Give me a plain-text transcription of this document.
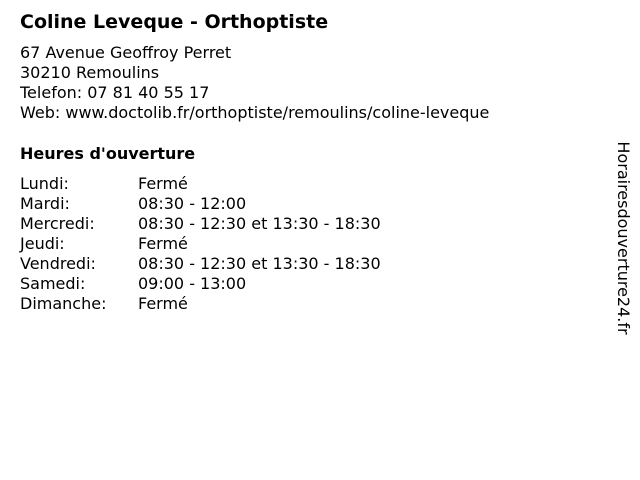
Coline Leveque - Orthoptiste
67 Avenue Geoffroy Perret
30210 Remoulins
Telefon: 07 81 40 55 17
Web: www.doctolib.fr/orthoptiste/remoulins/coline-leveque
Heures d'ouverture
Lundi:	Fermé
Mardi:	08:30 - 12:00
Mercredi:	08:30 - 12:30 et 13:30 - 18:30
Jeudi:	Fermé
Vendredi:	08:30 - 12:30 et 13:30 - 18:30
Samedi:	09:00 - 13:00
Dimanche:	Fermé	Horairesdouverture24.fr
